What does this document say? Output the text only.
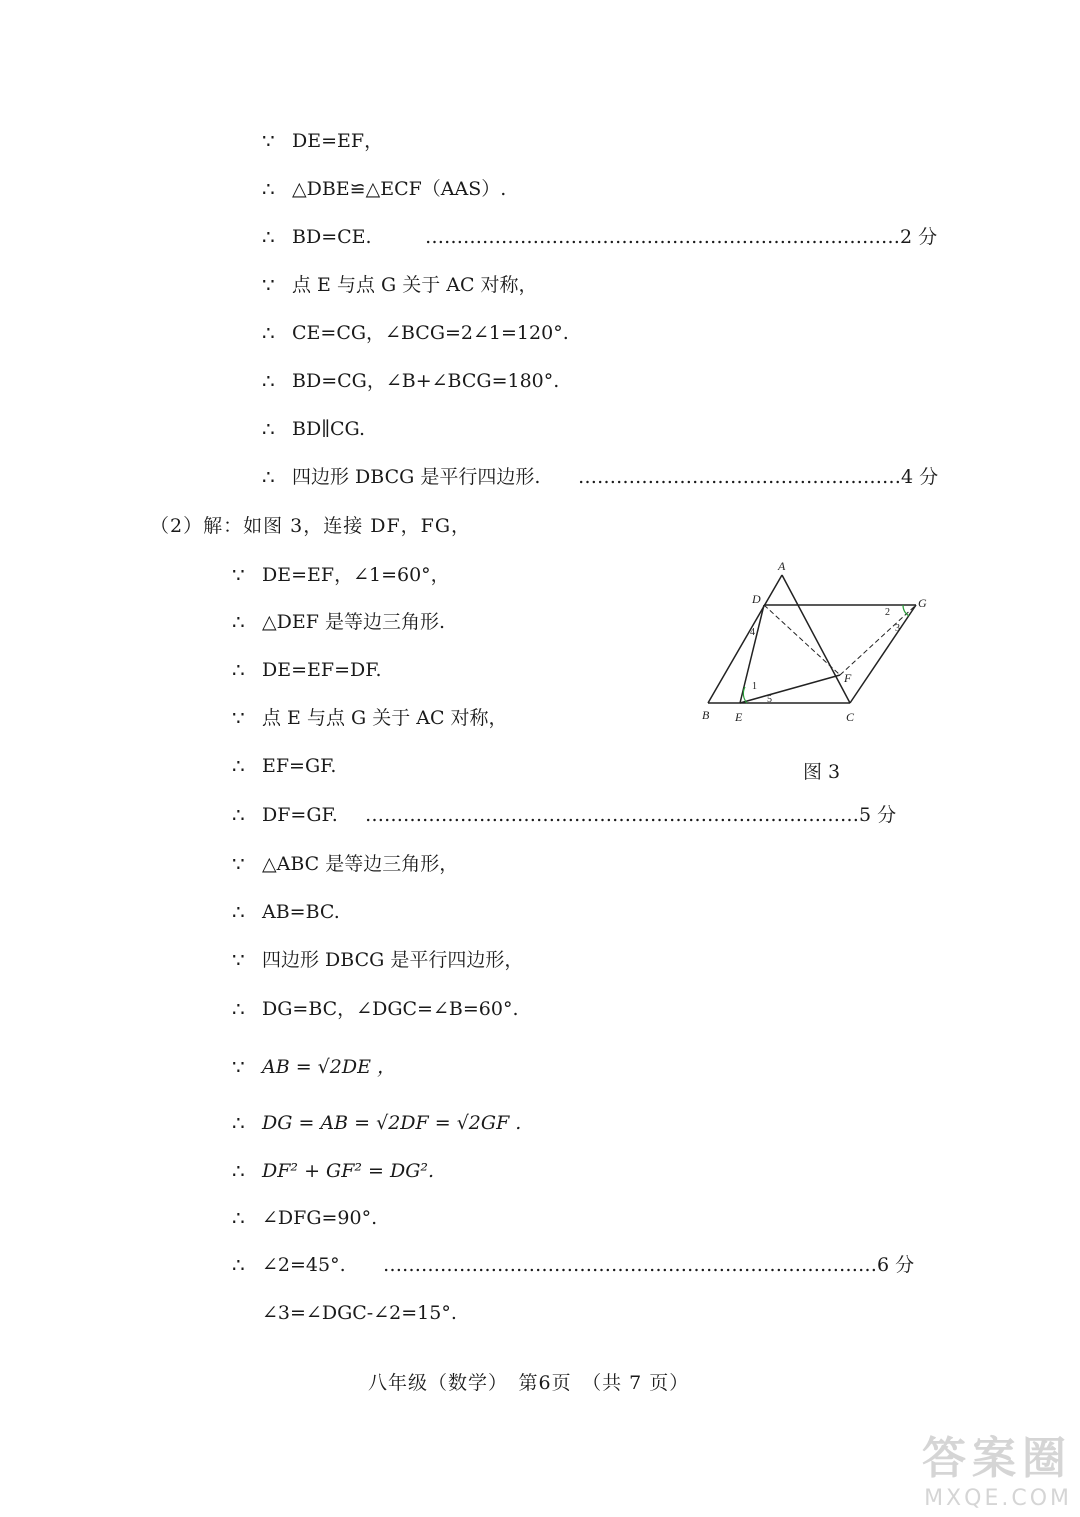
∵ DE=EF，
∴ △DBE≌△ECF（AAS）.
∴ BD=CE.	…………………………………………………………………2 分
∵ 点 E 与点 G 关于 AC 对称，
∴ CE=CG，∠BCG=2∠1=120°.
∴ BD=CG，∠B+∠BCG=180°.
∴ BD∥CG.
∴ 四边形 DBCG 是平行四边形. ……………………………………………4 分
（2）解：如图 3，连接 DF，FG，
∵ DE=EF，∠1=60°，
∴ △DEF 是等边三角形.
∴ DE=EF=DF.
∵ 点 E 与点 G 关于 AC 对称，
∴ EF=GF.
∴ DF=GF. ……………………………………………………………………5 分
∵ △ABC 是等边三角形，
∴ AB=BC.
∵ 四边形 DBCG 是平行四边形，
∴ DG=BC，∠DGC=∠B=60°.
∵ AB = √2DE ，
∴ DG = AB = √2DF = √2GF .
∴ DF² + GF² = DG².
∴ ∠DFG=90°.
∴ ∠2=45°. ……………………………………………………………………6 分
∠3=∠DGC-∠2=15°.
A
B	C
D
E
F
G
1
2
3
4
5
图 3
八年级（数学）　第6页　（共 7 页）
答案圈
MXQE.COM
